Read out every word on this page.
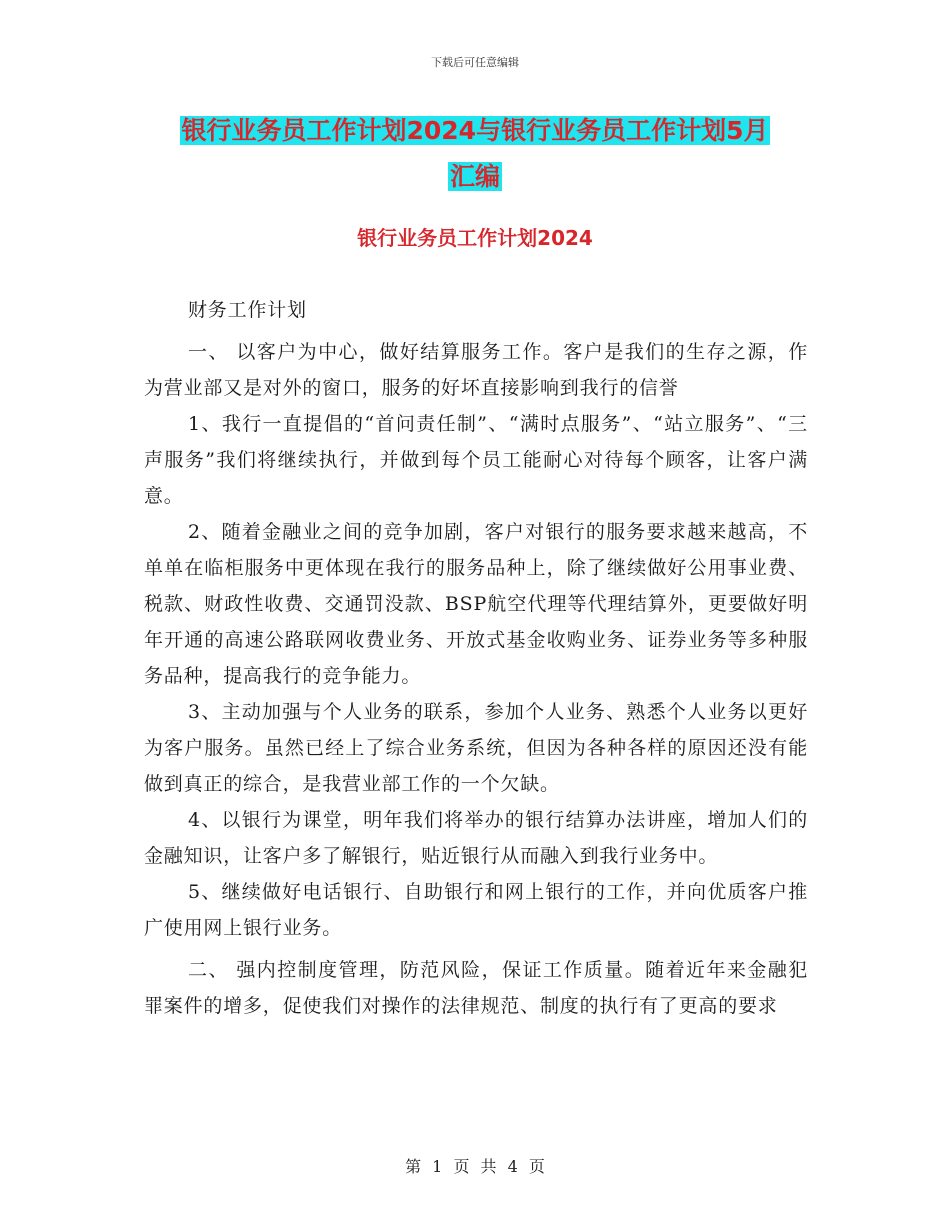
下载后可任意编辑
银行业务员工作计划2024与银行业务员工作计划5月
汇编
银行业务员工作计划2024

财务工作计划

一、 以客户为中心，做好结算服务工作。客户是我们的生存之源，作为营业部又是对外的窗口，服务的好坏直接影响到我行的信誉

1、我行一直提倡的“首问责任制”、“满时点服务”、“站立服务”、“三声服务”我们将继续执行，并做到每个员工能耐心对待每个顾客，让客户满意。

2、随着金融业之间的竞争加剧，客户对银行的服务要求越来越高，不单单在临柜服务中更体现在我行的服务品种上，除了继续做好公用事业费、税款、财政性收费、交通罚没款、BSP航空代理等代理结算外，更要做好明年开通的高速公路联网收费业务、开放式基金收购业务、证券业务等多种服务品种，提高我行的竞争能力。

3、主动加强与个人业务的联系，参加个人业务、熟悉个人业务以更好为客户服务。虽然已经上了综合业务系统，但因为各种各样的原因还没有能做到真正的综合，是我营业部工作的一个欠缺。

4、以银行为课堂，明年我们将举办的银行结算办法讲座，增加人们的金融知识，让客户多了解银行，贴近银行从而融入到我行业务中。

5、继续做好电话银行、自助银行和网上银行的工作，并向优质客户推广使用网上银行业务。

二、 强内控制度管理，防范风险，保证工作质量。随着近年来金融犯罪案件的增多，促使我们对操作的法律规范、制度的执行有了更高的要求

第 1 页 共 4 页
